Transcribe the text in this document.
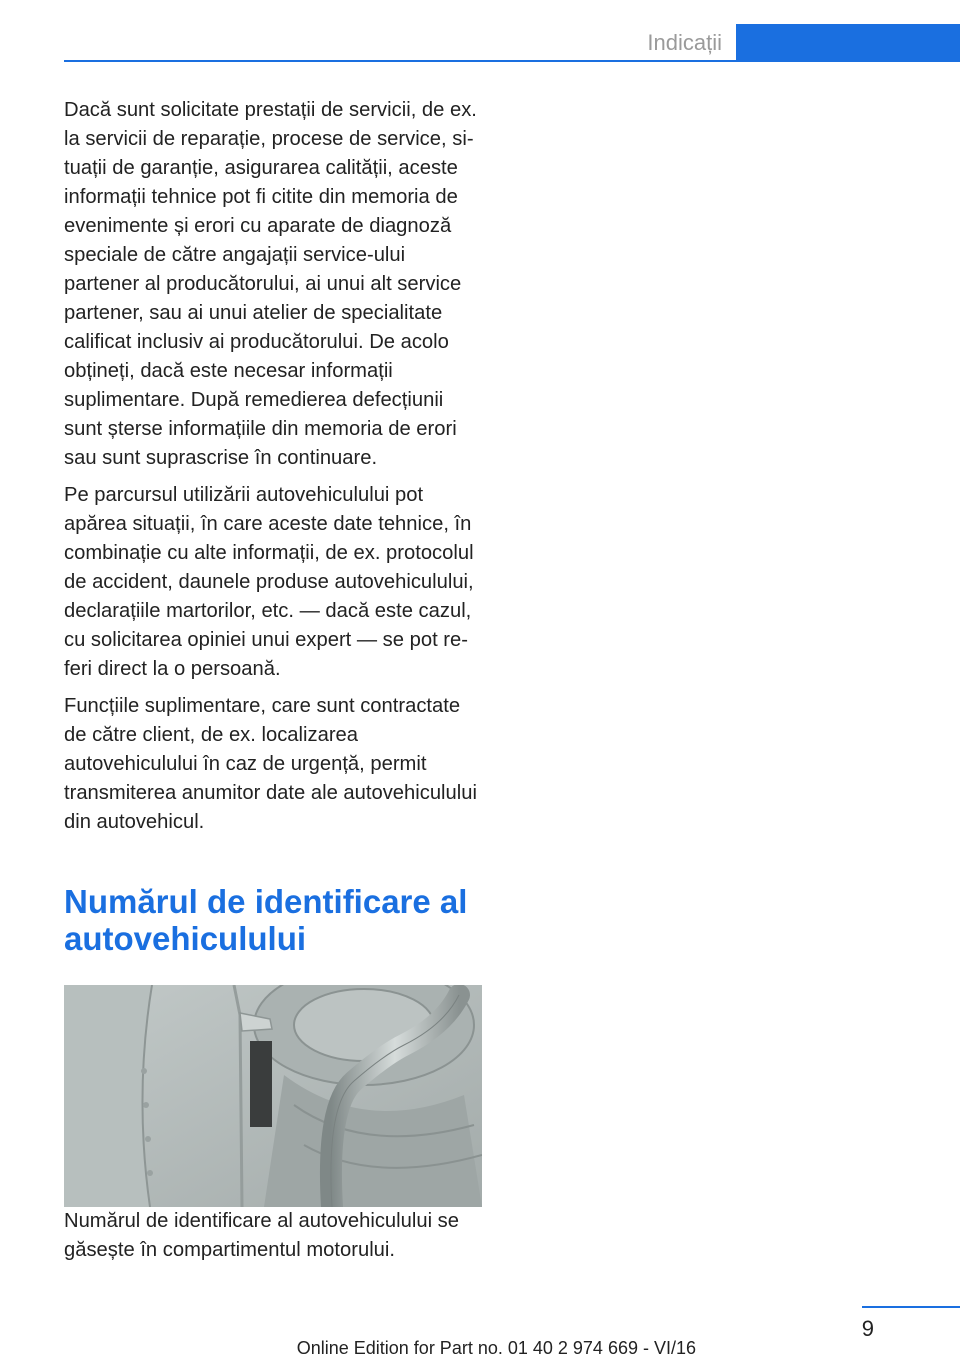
Indicații

Dacă sunt solicitate prestații de servicii, de ex. la servicii de reparație, procese de service, situații de garanție, asigurarea calității, aceste informații tehnice pot fi citite din memoria de evenimente și erori cu aparate de diagnoză speciale de către angajații service-ului partener al producătorului, ai unui alt service partener, sau ai unui atelier de specialitate calificat inclusiv ai producătorului. De acolo obțineți, dacă este necesar informații suplimentare. După remedierea defecțiunii sunt șterse informațiile din memoria de erori sau sunt suprascrise în continuare.

Pe parcursul utilizării autovehiculului pot apărea situații, în care aceste date tehnice, în combinație cu alte informații, de ex. protocolul de accident, daunele produse autovehiculului, declarațiile martorilor, etc. — dacă este cazul, cu solicitarea opiniei unui expert — se pot referi direct la o persoană.

Funcțiile suplimentare, care sunt contractate de către client, de ex. localizarea autovehiculului în caz de urgență, permit transmiterea anumitor date ale autovehiculului din autovehicul.

Numărul de identificare al autovehiculului

Numărul de identificare al autovehiculului se găsește în compartimentul motorului.

9
Online Edition for Part no. 01 40 2 974 669 - VI/16
